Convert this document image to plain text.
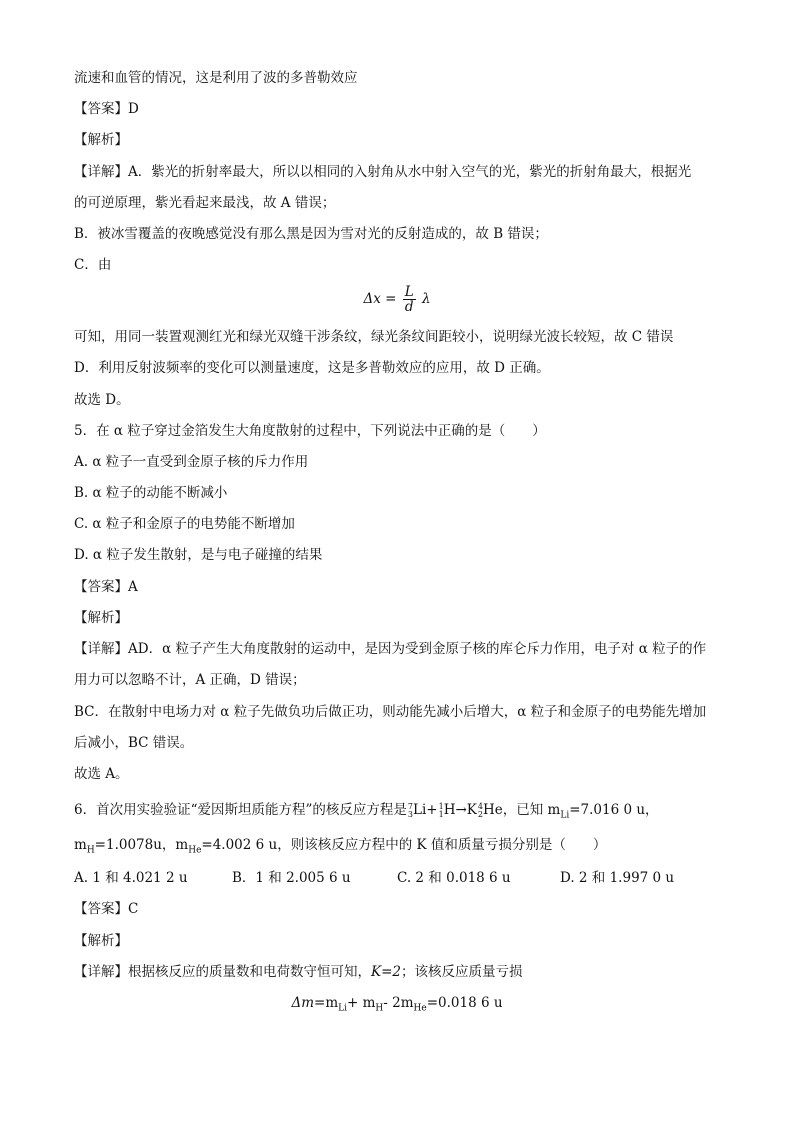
流速和血管的情况，这是利用了波的多普勒效应
【答案】D
【解析】
【详解】A．紫光的折射率最大，所以以相同的入射角从水中射入空气的光，紫光的折射角最大，根据光
的可逆原理，紫光看起来最浅，故 A 错误；
B．被冰雪覆盖的夜晚感觉没有那么黑是因为雪对光的反射造成的，故 B 错误；
C．由
$\Delta x = \frac{L}{d}$ λ
可知，用同一装置观测红光和绿光双缝干涉条纹，绿光条纹间距较小，说明绿光波长较短，故 C 错误
D．利用反射波频率的变化可以测量速度，这是多普勒效应的应用，故 D 正确。
故选 D。
5．在 α 粒子穿过金箔发生大角度散射的过程中，下列说法中正确的是（　　）
A. α 粒子一直受到金原子核的斥力作用
B. α 粒子的动能不断减小
C. α 粒子和金原子的电势能不断增加
D. α 粒子发生散射，是与电子碰撞的结果
【答案】A
【解析】
【详解】AD．α 粒子产生大角度散射的运动中，是因为受到金原子核的库仑斥力作用，电子对 α 粒子的作
用力可以忽略不计，A 正确，D 错误；
BC．在散射中电场力对 α 粒子先做负功后做正功，则动能先减小后增大，α 粒子和金原子的电势能先增加
后减小，BC 错误。
故选 A。
6．首次用实验验证“爱因斯坦质能方程”的核反应方程是 7
3 Li+ 1
1 H→K 4
2 He，已知 $m_{Li}=7.016$ 0 u，
$m_H=1.0078u$，$m_{He}=4.002$ 6 u，则该核反应方程中的 K 值和质量亏损分别是（　　）
A. 1 和 4.021 2 u	B．1 和 2.005 6 u	C. 2 和 0.018 6 u	D. 2 和 1.997 0 u
【答案】C
【解析】
【详解】根据核反应的质量数和电荷数守恒可知，K=2；该核反应质量亏损
$\Delta m=m_{Li}+ m_H-$ $2m_{He}=0.018$ 6 u
